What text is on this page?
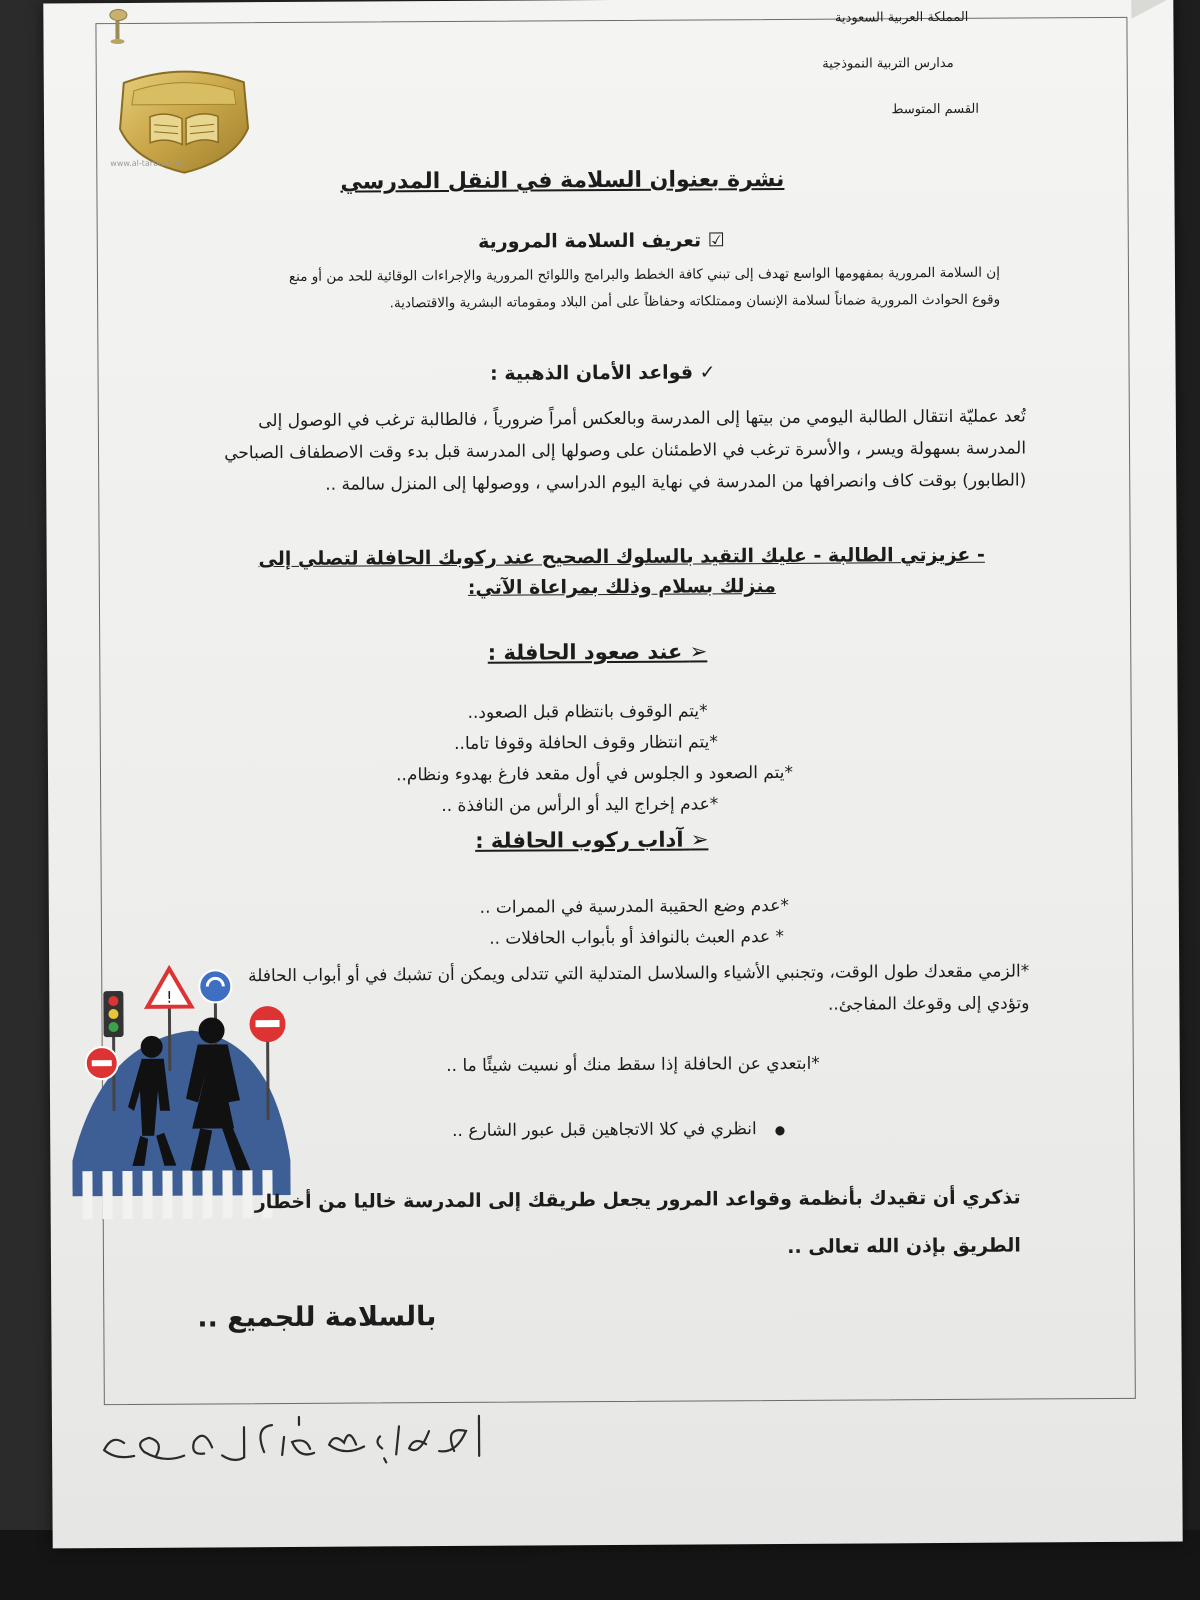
المملكة العربية السعودية
مدارس التربية النموذجية
القسم المتوسط
www.al-tarbia.com
نشرة بعنوان السلامة في النقل المدرسي
☑ تعريف السلامة المرورية
إن السلامة المرورية بمفهومها الواسع تهدف إلى تبني كافة الخطط والبرامج واللوائح المرورية والإجراءات الوقائية للحد من أو منع وقوع الحوادث المرورية ضماناً لسلامة الإنسان وممتلكاته وحفاظاً على أمن البلاد ومقوماته البشرية والاقتصادية.
✓ قواعد الأمان الذهبية :
تُعد عمليّة انتقال الطالبة اليومي من بيتها إلى المدرسة وبالعكس أمراً ضرورياً ، فالطالبة ترغب في الوصول إلى المدرسة بسهولة ويسر ، والأسرة ترغب في الاطمئنان على وصولها إلى المدرسة قبل بدء وقت الاصطفاف الصباحي (الطابور) بوقت كاف وانصرافها من المدرسة في نهاية اليوم الدراسي ، ووصولها إلى المنزل سالمة ..
- عزيزتي الطالبة - عليك التقيد بالسلوك الصحيح عند ركوبك الحافلة لتصلي إلى منزلك بسلام وذلك بمراعاة الآتي:
➢ عند صعود الحافلة :
*يتم الوقوف بانتظام قبل الصعود..
*يتم انتظار وقوف الحافلة وقوفا تاما..
*يتم الصعود و الجلوس في أول مقعد فارغ بهدوء ونظام..
*عدم إخراج اليد أو الرأس من النافذة ..
➢ آداب ركوب الحافلة :
*عدم وضع الحقيبة المدرسية في الممرات ..
* عدم العبث بالنوافذ أو بأبواب الحافلات ..
*الزمي مقعدك طول الوقت، وتجنبي الأشياء والسلاسل المتدلية التي تتدلى ويمكن أن تشبك في أو أبواب الحافلة وتؤدي إلى وقوعك المفاجئ..
*ابتعدي عن الحافلة إذا سقط منك أو نسيت شيئًا ما ..
●انظري في كلا الاتجاهين قبل عبور الشارع ..
!
تذكري أن تقيدك بأنظمة وقواعد المرور يجعل طريقك إلى المدرسة خاليا من أخطار الطريق بإذن الله تعالى ..
بالسلامة للجميع ..
